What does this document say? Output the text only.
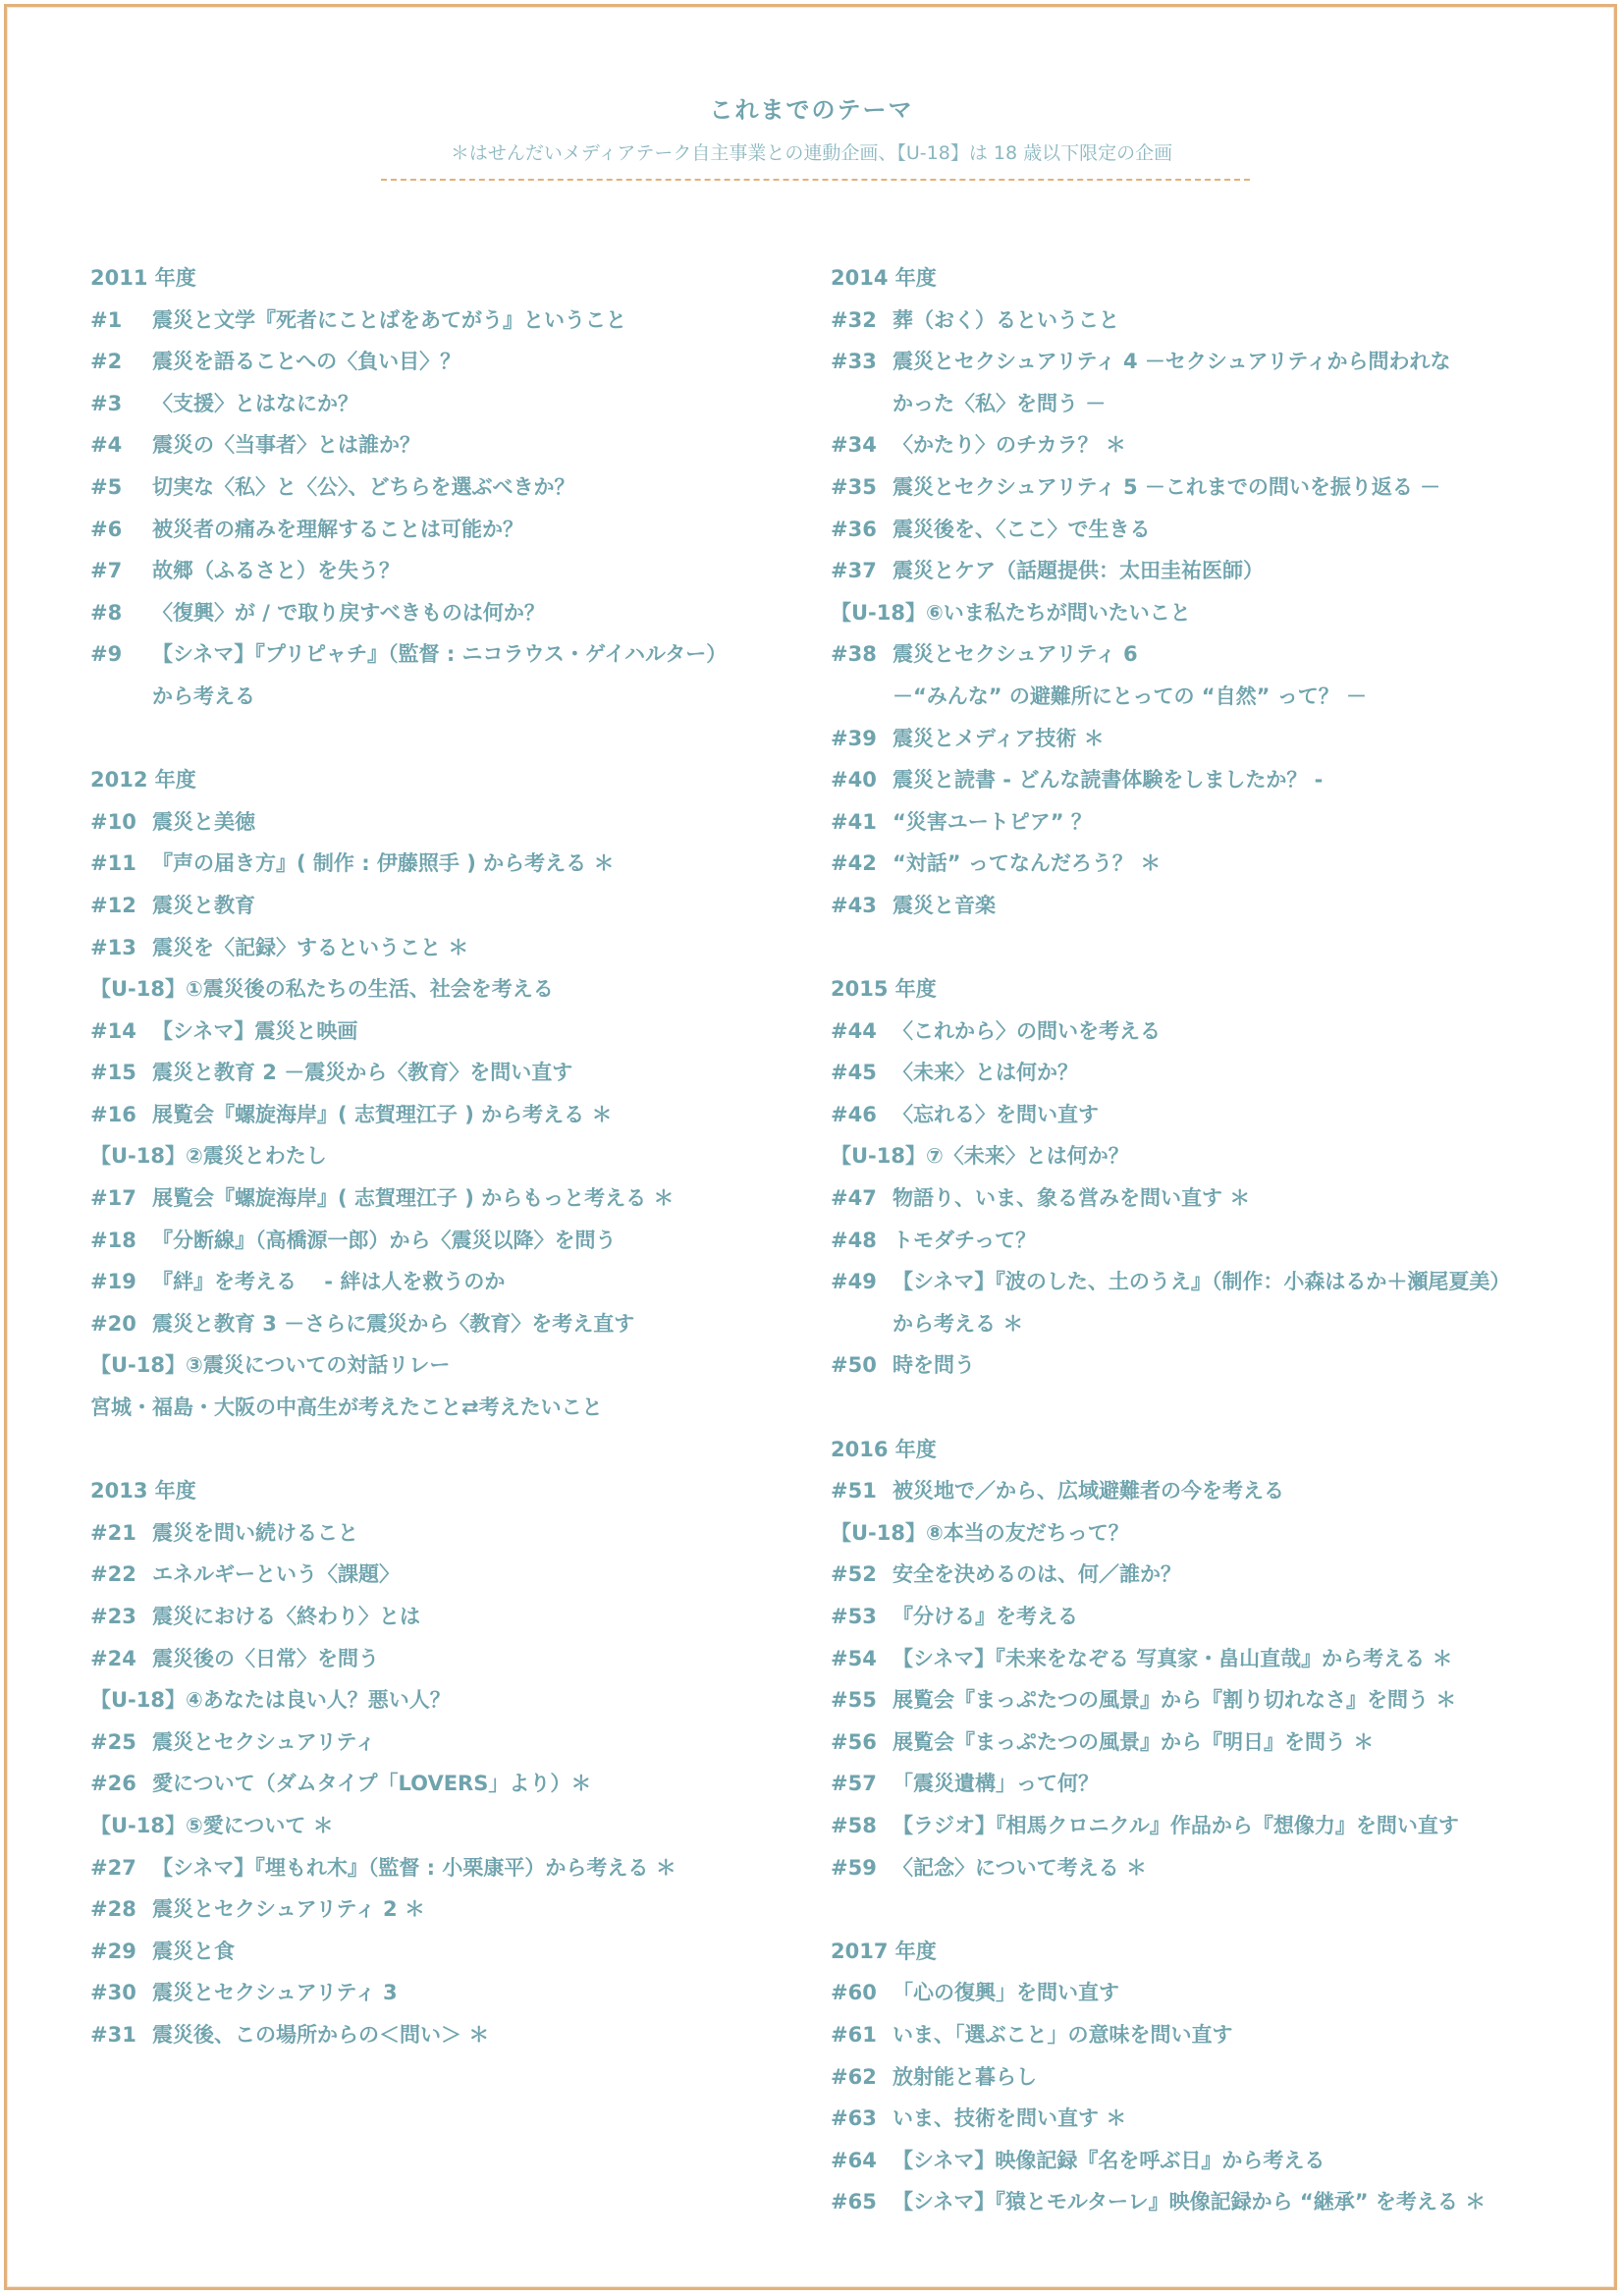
これまでのテーマ
＊はせんだいメディアテーク自主事業との連動企画、【U-18】は 18 歳以下限定の企画
2011 年度
#1	震災と文学『死者にことばをあてがう』ということ
#2	震災を語ることへの〈負い目〉？
#3	〈支援〉とはなにか？
#4	震災の〈当事者〉とは誰か？
#5	切実な〈私〉と〈公〉、どちらを選ぶべきか？
#6	被災者の痛みを理解することは可能か？
#7	故郷（ふるさと）を失う？
#8	〈復興〉が / で取り戻すべきものは何か？
#9	【シネマ】『プリピャチ』（監督 : ニコラウス・ゲイハルター）
から考える
2012 年度
#10 震災と美徳
#11 『声の届き方』( 制作 : 伊藤照手 ) から考える ＊
#12 震災と教育
#13 震災を〈記録〉するということ ＊
【U-18】①震災後の私たちの生活、社会を考える
#14 【シネマ】震災と映画
#15 震災と教育 2 －震災から〈教育〉を問い直す
#16 展覧会『螺旋海岸』( 志賀理江子 ) から考える ＊
【U-18】②震災とわたし
#17 展覧会『螺旋海岸』( 志賀理江子 ) からもっと考える ＊
#18 『分断線』（高橋源一郎）から〈震災以降〉を問う
#19 『絆』を考える　 - 絆は人を救うのか
#20 震災と教育 3 －さらに震災から〈教育〉を考え直す
【U-18】③震災についての対話リレー
宮城・福島・大阪の中高生が考えたこと⇄考えたいこと
2013 年度
#21 震災を問い続けること
#22 エネルギーという〈課題〉
#23 震災における〈終わり〉とは
#24 震災後の〈日常〉を問う
【U-18】④あなたは良い人？悪い人？
#25 震災とセクシュアリティ
#26 愛について（ダムタイプ「LOVERS」より）＊
【U-18】⑤愛について ＊
#27 【シネマ】『埋もれ木』（監督 : 小栗康平）から考える ＊
#28 震災とセクシュアリティ 2 ＊
#29 震災と食
#30 震災とセクシュアリティ 3
#31 震災後、この場所からの＜問い＞ ＊
2014 年度
#32 葬（おく）るということ
#33 震災とセクシュアリティ 4 －セクシュアリティから問われな
かった〈私〉を問う －
#34 〈かたり〉のチカラ？ ＊
#35 震災とセクシュアリティ 5 －これまでの問いを振り返る －
#36 震災後を、〈ここ〉で生きる
#37 震災とケア（話題提供：太田圭祐医師）
【U-18】⑥いま私たちが問いたいこと
#38 震災とセクシュアリティ 6
－“みんな” の避難所にとっての “自然” って？ －
#39 震災とメディア技術 ＊
#40 震災と読書 - どんな読書体験をしましたか？ -
#41 “災害ユートピア” ？
#42 “対話” ってなんだろう？ ＊
#43 震災と音楽
2015 年度
#44 〈これから〉の問いを考える
#45 〈未来〉とは何か？
#46 〈忘れる〉を問い直す
【U-18】⑦〈未来〉とは何か？
#47 物語り、いま、象る営みを問い直す ＊
#48 トモダチって？
#49 【シネマ】『波のした、土のうえ』（制作：小森はるか＋瀬尾夏美）
から考える ＊
#50 時を問う
2016 年度
#51 被災地で／から、広域避難者の今を考える
【U-18】⑧本当の友だちって？
#52 安全を決めるのは、何／誰か？
#53 『分ける』を考える
#54 【シネマ】『未来をなぞる 写真家・畠山直哉』から考える ＊
#55 展覧会『まっぷたつの風景』から『割り切れなさ』を問う ＊
#56 展覧会『まっぷたつの風景』から『明日』を問う ＊
#57 「震災遺構」って何？
#58 【ラジオ】『相馬クロニクル』作品から『想像力』を問い直す
#59 〈記念〉について考える ＊
2017 年度
#60 「心の復興」を問い直す
#61 いま、「選ぶこと」の意味を問い直す
#62 放射能と暮らし
#63 いま、技術を問い直す ＊
#64 【シネマ】映像記録『名を呼ぶ日』から考える
#65 【シネマ】『猿とモルターレ』映像記録から “継承” を考える ＊
